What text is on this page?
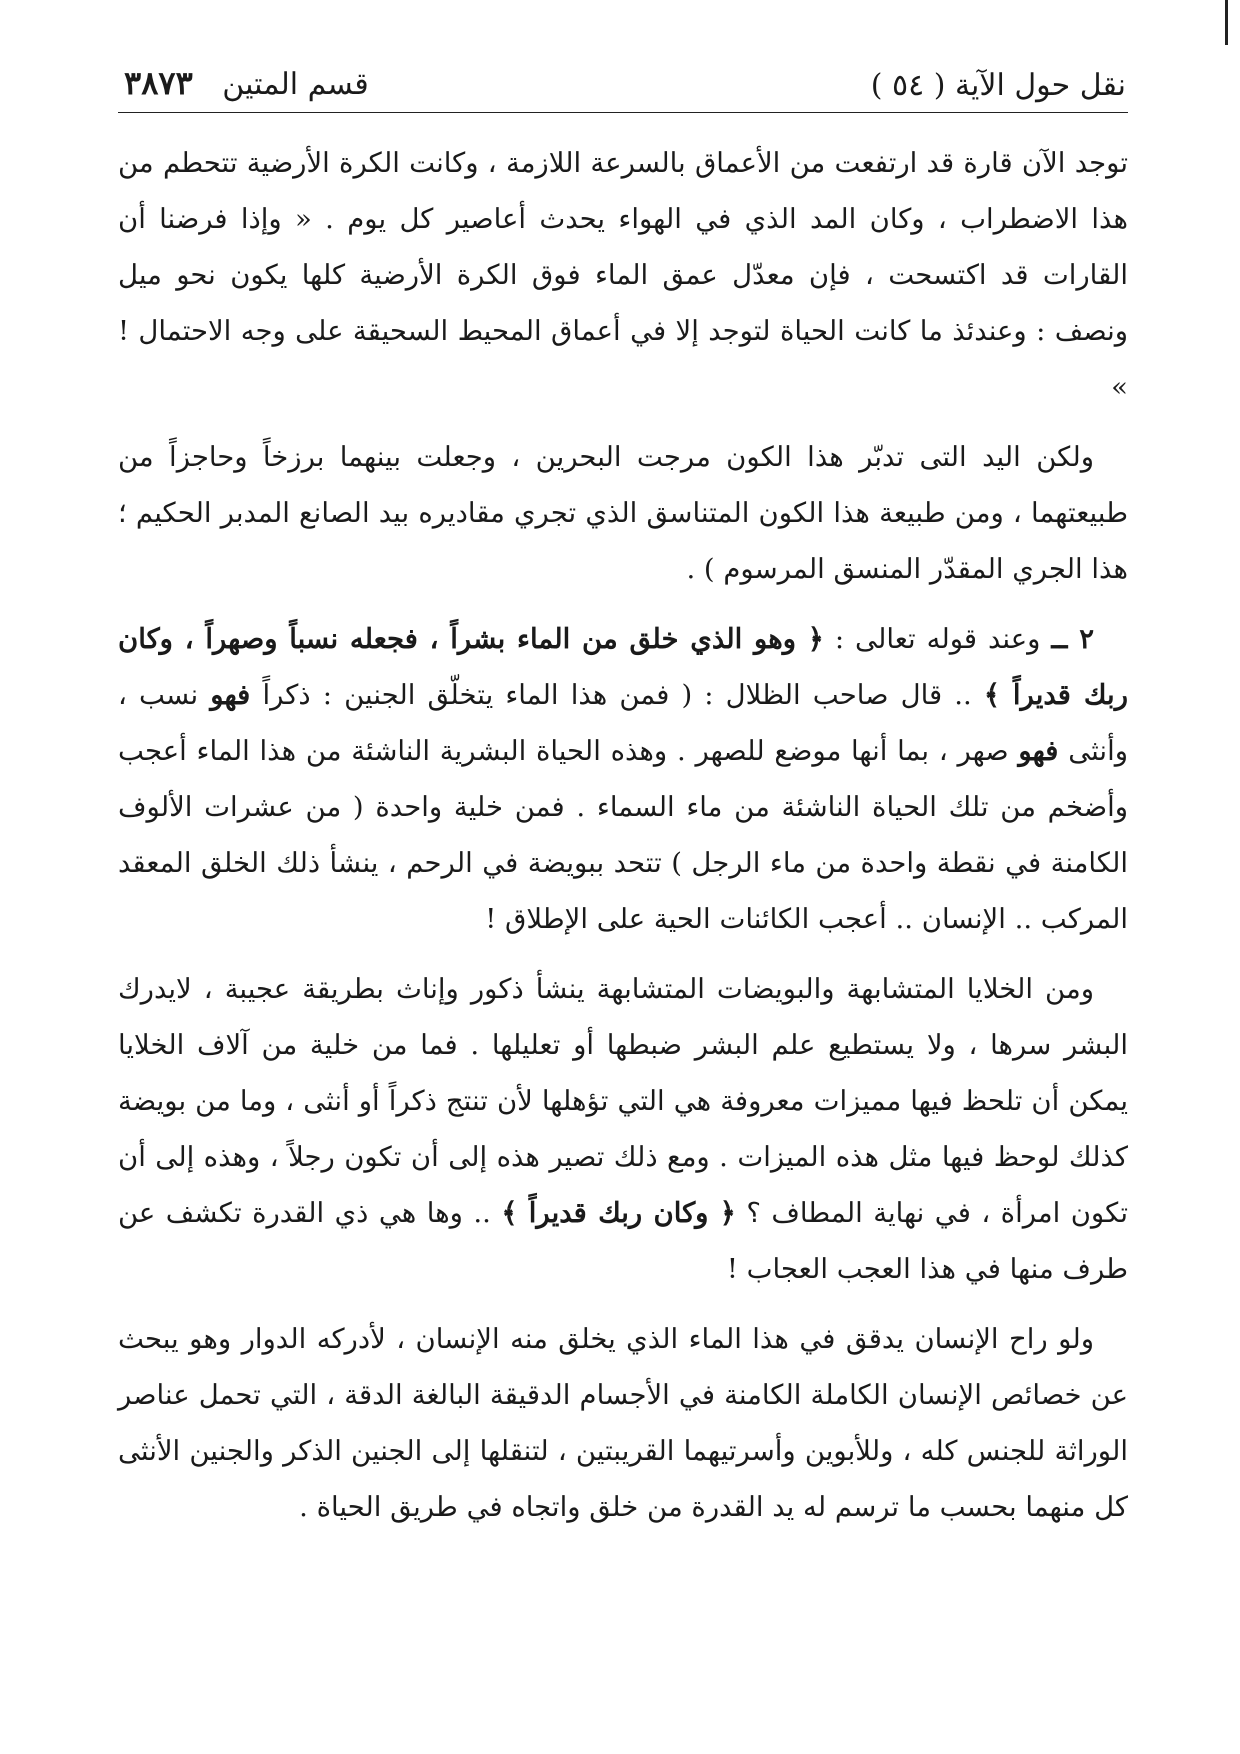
نقل حول الآية ( ٥٤ )
قسم المتين ٣٨٧٣

توجد الآن قارة قد ارتفعت من الأعماق بالسرعة اللازمة ، وكانت الكرة الأرضية تتحطم من هذا الاضطراب ، وكان المد الذي في الهواء يحدث أعاصير كل يوم . « وإذا فرضنا أن القارات قد اكتسحت ، فإن معدّل عمق الماء فوق الكرة الأرضية كلها يكون نحو ميل ونصف : وعندئذ ما كانت الحياة لتوجد إلا في أعماق المحيط السحيقة على وجه الاحتمال ! »

ولكن اليد التى تدبّر هذا الكون مرجت البحرين ، وجعلت بينهما برزخاً وحاجزاً من طبيعتهما ، ومن طبيعة هذا الكون المتناسق الذي تجري مقاديره بيد الصانع المدبر الحكيم ؛ هذا الجري المقدّر المنسق المرسوم ) .

٢ ــ وعند قوله تعالى : ﴿ وهو الذي خلق من الماء بشراً ، فجعله نسباً وصهراً ، وكان ربك قديراً ﴾ .. قال صاحب الظلال : ( فمن هذا الماء يتخلّق الجنين : ذكراً فهو نسب ، وأنثى فهو صهر ، بما أنها موضع للصهر . وهذه الحياة البشرية الناشئة من هذا الماء أعجب وأضخم من تلك الحياة الناشئة من ماء السماء . فمن خلية واحدة ( من عشرات الألوف الكامنة في نقطة واحدة من ماء الرجل ) تتحد ببويضة في الرحم ، ينشأ ذلك الخلق المعقد المركب .. الإنسان .. أعجب الكائنات الحية على الإطلاق !

ومن الخلايا المتشابهة والبويضات المتشابهة ينشأ ذكور وإناث بطريقة عجيبة ، لايدرك البشر سرها ، ولا يستطيع علم البشر ضبطها أو تعليلها . فما من خلية من آلاف الخلايا يمكن أن تلحظ فيها مميزات معروفة هي التي تؤهلها لأن تنتج ذكراً أو أنثى ، وما من بويضة كذلك لوحظ فيها مثل هذه الميزات . ومع ذلك تصير هذه إلى أن تكون رجلاً ، وهذه إلى أن تكون امرأة ، في نهاية المطاف ؟ ﴿ وكان ربك قديراً ﴾ .. وها هي ذي القدرة تكشف عن طرف منها في هذا العجب العجاب !

ولو راح الإنسان يدقق في هذا الماء الذي يخلق منه الإنسان ، لأدركه الدوار وهو يبحث عن خصائص الإنسان الكاملة الكامنة في الأجسام الدقيقة البالغة الدقة ، التي تحمل عناصر الوراثة للجنس كله ، وللأبوين وأسرتيهما القريبتين ، لتنقلها إلى الجنين الذكر والجنين الأنثى كل منهما بحسب ما ترسم له يد القدرة من خلق واتجاه في طريق الحياة .
